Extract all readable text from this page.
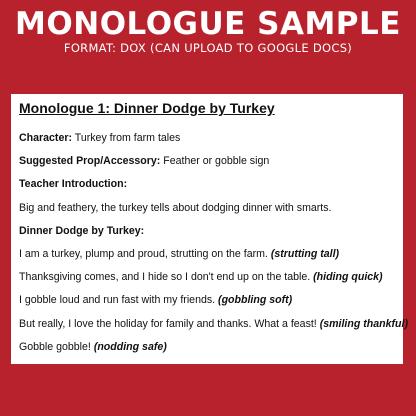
MONOLOGUE SAMPLE
FORMAT: DOX (CAN UPLOAD TO GOOGLE DOCS)
Monologue 1: Dinner Dodge by Turkey
Character: Turkey from farm tales
Suggested Prop/Accessory: Feather or gobble sign
Teacher Introduction:
Big and feathery, the turkey tells about dodging dinner with smarts.
Dinner Dodge by Turkey:
I am a turkey, plump and proud, strutting on the farm. (strutting tall)
Thanksgiving comes, and I hide so I don't end up on the table. (hiding quick)
I gobble loud and run fast with my friends. (gobbling soft)
But really, I love the holiday for family and thanks. What a feast! (smiling thankful)
Gobble gobble! (nodding safe)
